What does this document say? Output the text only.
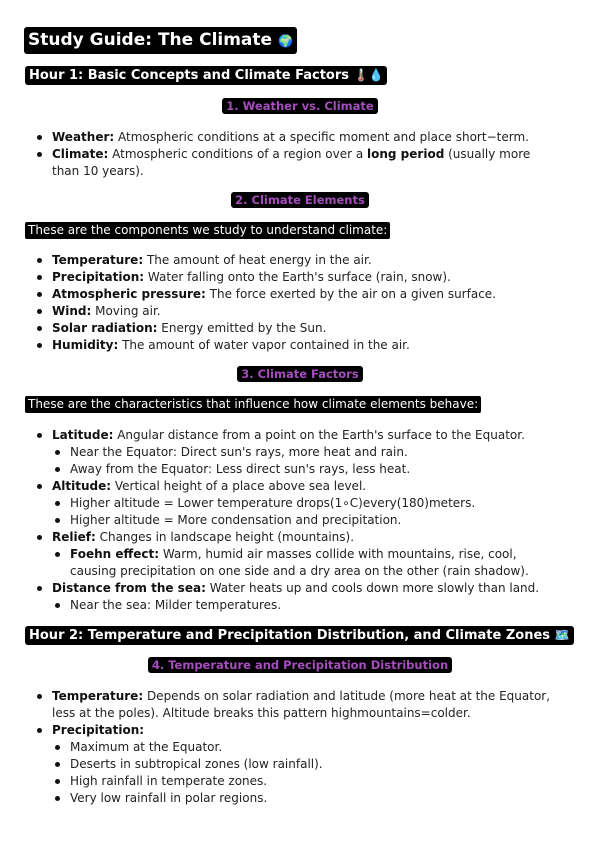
Study Guide: The Climate 🌍
Hour 1: Basic Concepts and Climate Factors 🌡️💧
1. Weather vs. Climate
Weather: Atmospheric conditions at a specific moment and place short−term.
Climate: Atmospheric conditions of a region over a long period (usually more than 10 years).
2. Climate Elements
These are the components we study to understand climate:
Temperature: The amount of heat energy in the air.
Precipitation: Water falling onto the Earth's surface (rain, snow).
Atmospheric pressure: The force exerted by the air on a given surface.
Wind: Moving air.
Solar radiation: Energy emitted by the Sun.
Humidity: The amount of water vapor contained in the air.
3. Climate Factors
These are the characteristics that influence how climate elements behave:
Latitude: Angular distance from a point on the Earth's surface to the Equator.
Near the Equator: Direct sun's rays, more heat and rain.
Away from the Equator: Less direct sun's rays, less heat.
Altitude: Vertical height of a place above sea level.
Higher altitude = Lower temperature drops(1∘C)every(180)meters.
Higher altitude = More condensation and precipitation.
Relief: Changes in landscape height (mountains).
Foehn effect: Warm, humid air masses collide with mountains, rise, cool, causing precipitation on one side and a dry area on the other (rain shadow).
Distance from the sea: Water heats up and cools down more slowly than land.
Near the sea: Milder temperatures.
Hour 2: Temperature and Precipitation Distribution, and Climate Zones 🗺️
4. Temperature and Precipitation Distribution
Temperature: Depends on solar radiation and latitude (more heat at the Equator, less at the poles). Altitude breaks this pattern highmountains=colder.
Precipitation:
Maximum at the Equator.
Deserts in subtropical zones (low rainfall).
High rainfall in temperate zones.
Very low rainfall in polar regions.
